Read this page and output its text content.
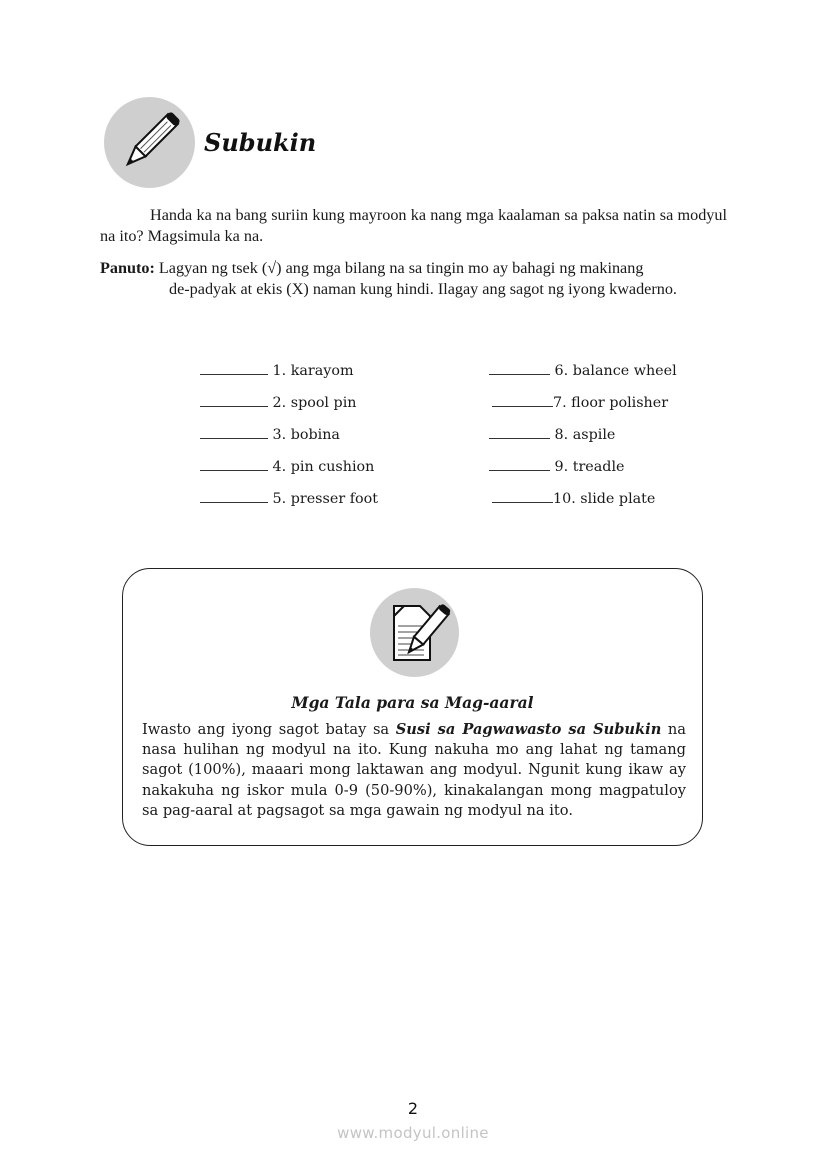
Subukin
Handa ka na bang suriin kung mayroon ka nang mga kaalaman sa paksa natin sa modyul na ito? Magsimula ka na.
Panuto: Lagyan ng tsek (√) ang mga bilang na sa tingin mo ay bahagi ng makinang
de-padyak at ekis (X) naman kung hindi. Ilagay ang sagot ng iyong kwaderno.
1. karayom
2. spool pin
3. bobina
4. pin cushion
5. presser foot
6. balance wheel
7. floor polisher
8. aspile
9. treadle
10. slide plate
Mga Tala para sa Mag-aaral
Iwasto ang iyong sagot batay sa Susi sa Pagwawasto sa Subukin na nasa hulihan ng modyul na ito. Kung nakuha mo ang lahat ng tamang sagot (100%), maaari mong laktawan ang modyul. Ngunit kung ikaw ay nakakuha ng iskor mula 0-9 (50-90%), kinakalangan mong magpatuloy sa pag-aaral at pagsagot sa mga gawain ng modyul na ito.
2
www.modyul.online
